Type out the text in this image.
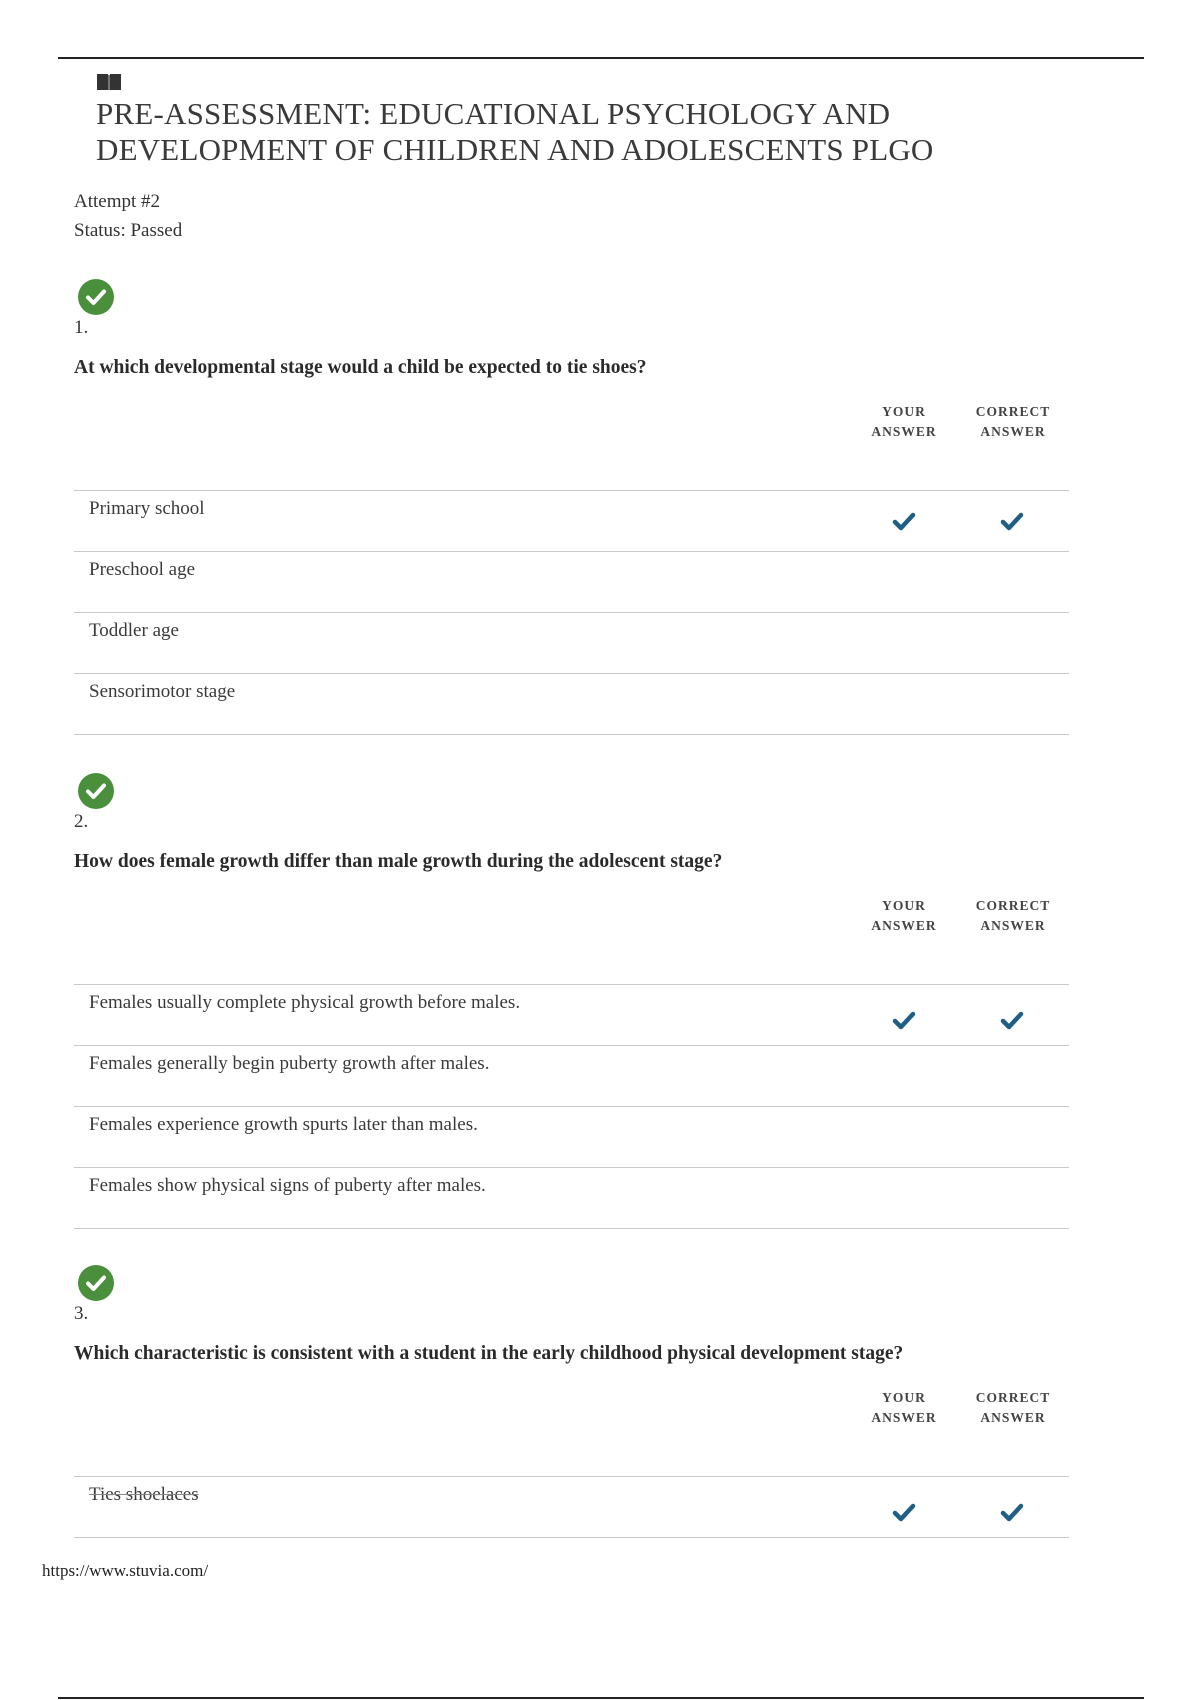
PRE-ASSESSMENT: EDUCATIONAL PSYCHOLOGY AND
DEVELOPMENT OF CHILDREN AND ADOLESCENTS PLGO
Attempt #2
Status: Passed
1.
At which developmental stage would a child be expected to tie shoes?
YOUR
ANSWER
CORRECT
ANSWER
Primary school
Preschool age
Toddler age
Sensorimotor stage
2.
How does female growth differ than male growth during the adolescent stage?
YOUR
ANSWER
CORRECT
ANSWER
Females usually complete physical growth before males.
Females generally begin puberty growth after males.
Females experience growth spurts later than males.
Females show physical signs of puberty after males.
3.
Which characteristic is consistent with a student in the early childhood physical development stage?
YOUR
ANSWER
CORRECT
ANSWER
Ties shoelaces
https://www.stuvia.com/
